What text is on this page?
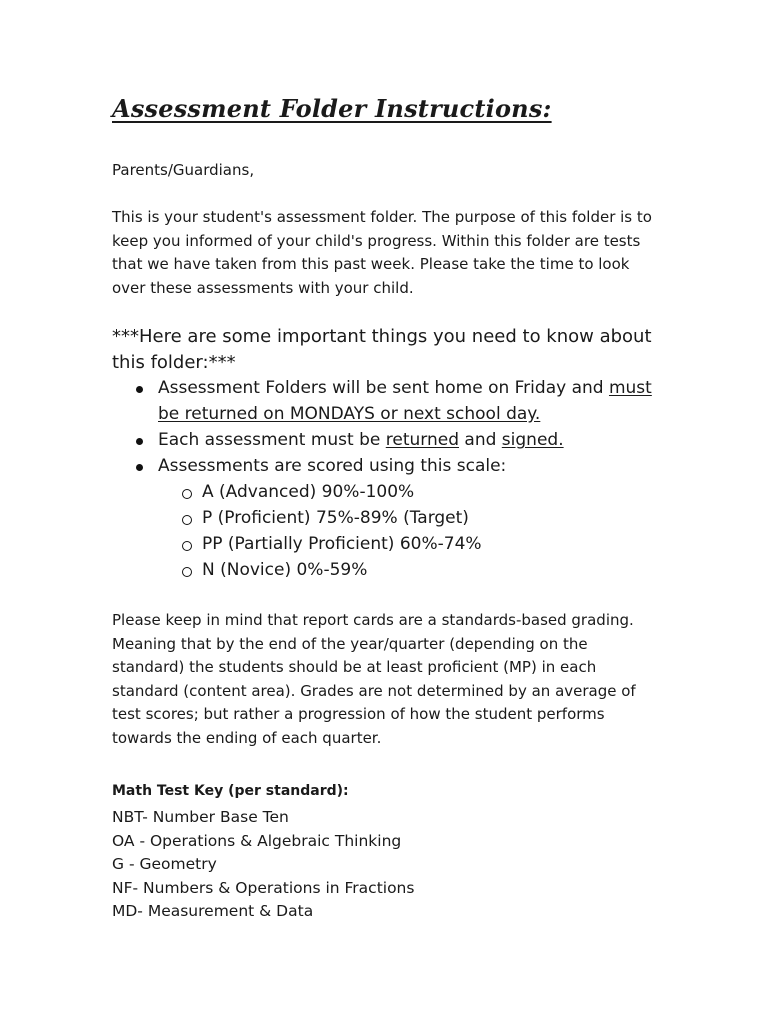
Assessment Folder Instructions:
Parents/Guardians,
This is your student's assessment folder. The purpose of this folder is to keep you informed of your child's progress. Within this folder are tests that we have taken from this past week. Please take the time to look over these assessments with your child.
***Here are some important things you need to know about this folder:***
Assessment Folders will be sent home on Friday and must be returned on MONDAYS or next school day.
Each assessment must be returned and signed.
Assessments are scored using this scale:
A (Advanced) 90%-100%
P (Proficient) 75%-89% (Target)
PP (Partially Proficient) 60%-74%
N (Novice) 0%-59%
Please keep in mind that report cards are a standards-based grading. Meaning that by the end of the year/quarter (depending on the standard) the students should be at least proficient (MP) in each standard (content area). Grades are not determined by an average of test scores; but rather a progression of how the student performs towards the ending of each quarter.
Math Test Key (per standard):
NBT- Number Base Ten
OA - Operations & Algebraic Thinking
G - Geometry
NF- Numbers & Operations in Fractions
MD- Measurement & Data
